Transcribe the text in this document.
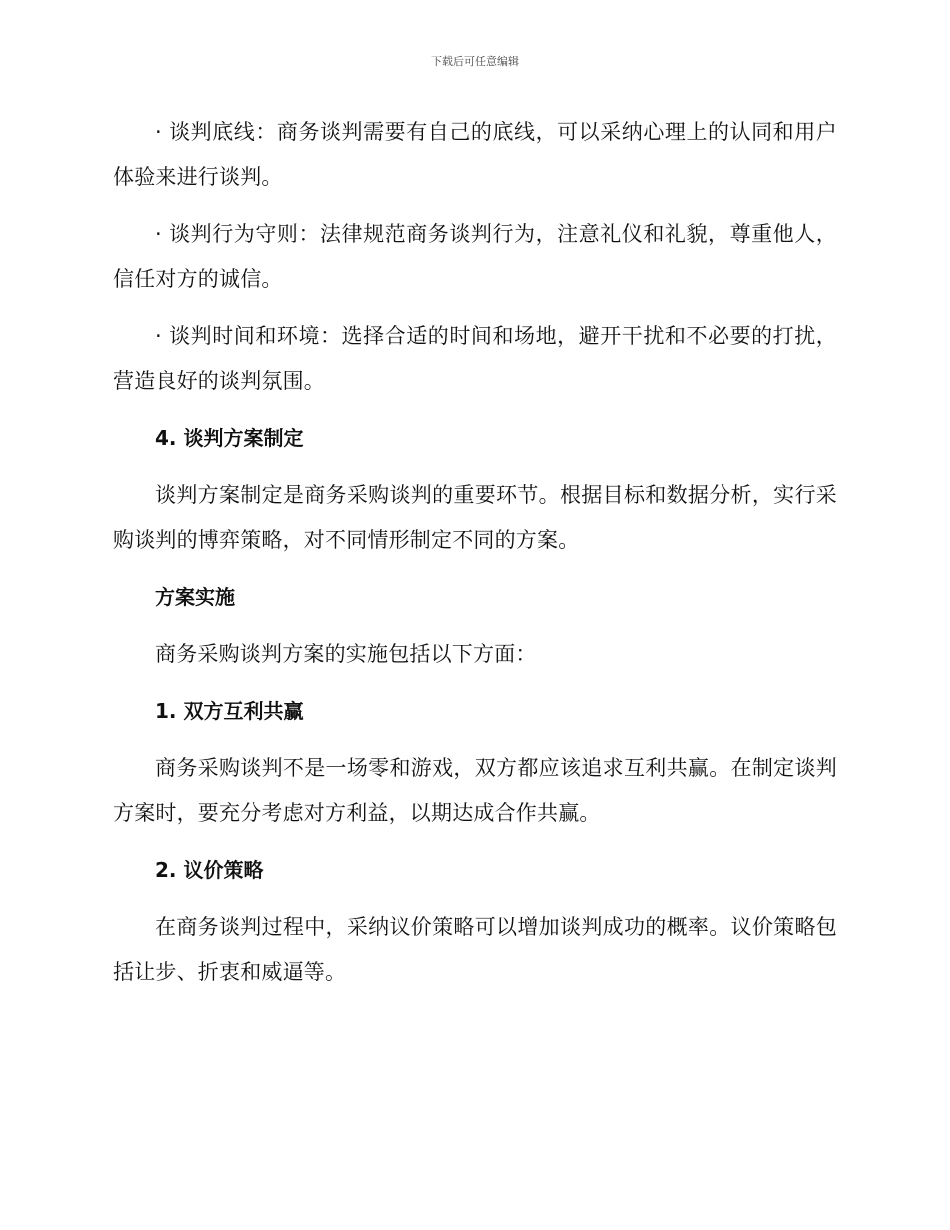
下载后可任意编辑

· 谈判底线：商务谈判需要有自己的底线，可以采纳心理上的认同和用户体验来进行谈判。

· 谈判行为守则：法律规范商务谈判行为，注意礼仪和礼貌，尊重他人，信任对方的诚信。

· 谈判时间和环境：选择合适的时间和场地，避开干扰和不必要的打扰，营造良好的谈判氛围。

4. 谈判方案制定

谈判方案制定是商务采购谈判的重要环节。根据目标和数据分析，实行采购谈判的博弈策略，对不同情形制定不同的方案。

方案实施

商务采购谈判方案的实施包括以下方面：

1. 双方互利共赢

商务采购谈判不是一场零和游戏，双方都应该追求互利共赢。在制定谈判方案时，要充分考虑对方利益，以期达成合作共赢。

2. 议价策略

在商务谈判过程中，采纳议价策略可以增加谈判成功的概率。议价策略包括让步、折衷和威逼等。
